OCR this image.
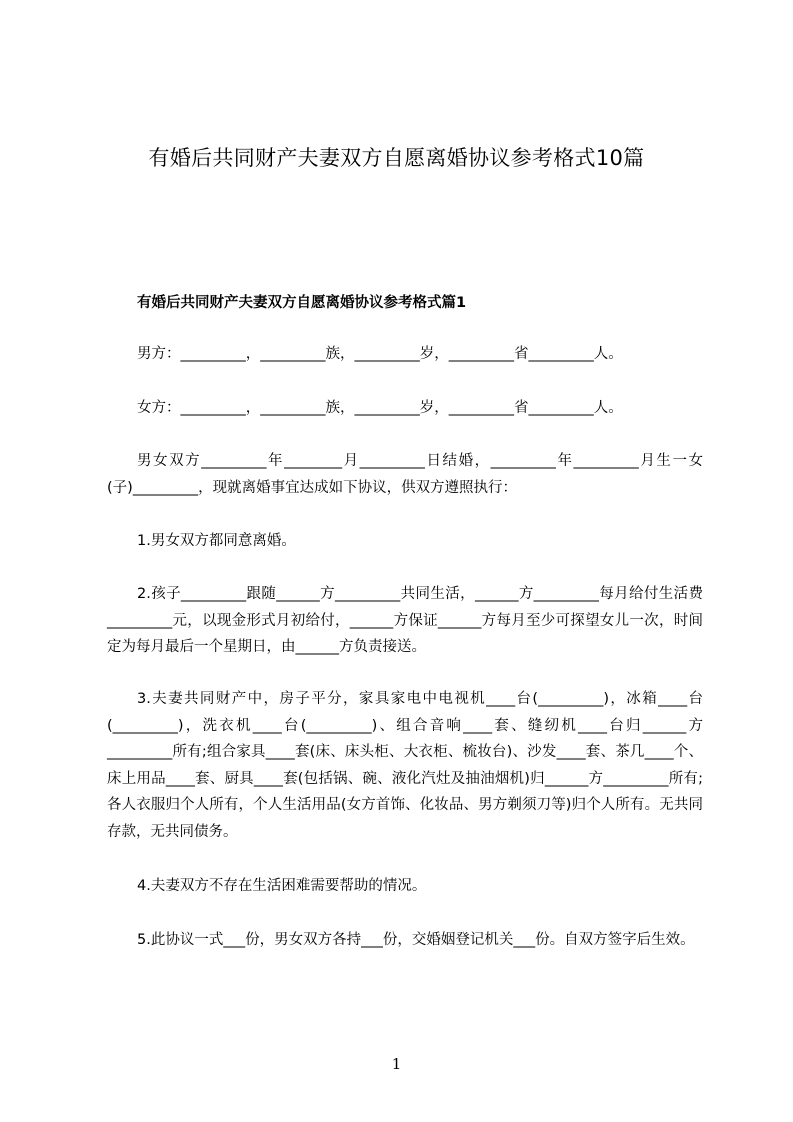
有婚后共同财产夫妻双方自愿离婚协议参考格式10篇
有婚后共同财产夫妻双方自愿离婚协议参考格式篇1

男方：_________，_________族，_________岁，_________省_________人。

女方：_________，_________族，_________岁，_________省_________人。

男女双方_________年________月_________日结婚，_________年_________月生一女(子)_________，现就离婚事宜达成如下协议，供双方遵照执行：

1.男女双方都同意离婚。

2.孩子_________跟随______方_________共同生活，______方_________每月给付生活费_________元，以现金形式月初给付，______方保证______方每月至少可探望女儿一次，时间定为每月最后一个星期日，由______方负责接送。

3.夫妻共同财产中，房子平分，家具家电中电视机____台(_________)，冰箱____台(_________)，洗衣机____台(_________)、组合音响____套、缝纫机____台归______方_________所有;组合家具____套(床、床头柜、大衣柜、梳妆台)、沙发____套、茶几____个、床上用品____套、厨具____套(包括锅、碗、液化汽灶及抽油烟机)归______方_________所有;各人衣服归个人所有，个人生活用品(女方首饰、化妆品、男方剃须刀等)归个人所有。无共同存款，无共同债务。

4.夫妻双方不存在生活困难需要帮助的情况。

5.此协议一式___份，男女双方各持___份，交婚姻登记机关___份。自双方签字后生效。

1
